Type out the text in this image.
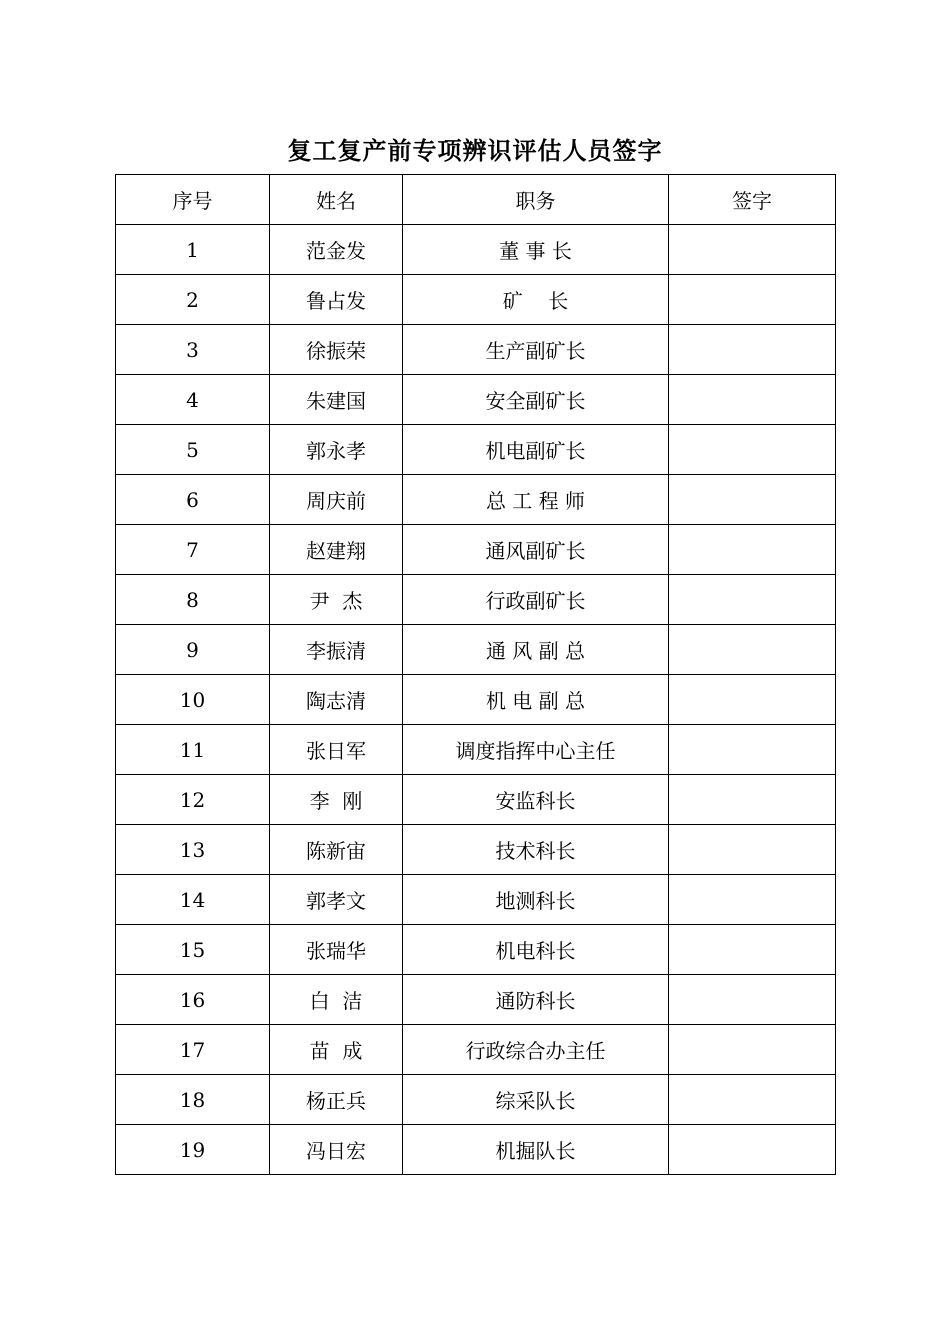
复工复产前专项辨识评估人员签字
序号	姓名	职务	签字
1	范金发	董 事 长	
2	鲁占发	矿    长	
3	徐振荣	生产副矿长	
4	朱建国	安全副矿长	
5	郭永孝	机电副矿长	
6	周庆前	总 工 程 师	
7	赵建翔	通风副矿长	
8	尹  杰	行政副矿长	
9	李振清	通 风 副 总	
10	陶志清	机 电 副 总	
11	张日军	调度指挥中心主任	
12	李  刚	安监科长	
13	陈新宙	技术科长	
14	郭孝文	地测科长	
15	张瑞华	机电科长	
16	白  洁	通防科长	
17	苗  成	行政综合办主任	
18	杨正兵	综采队长	
19	冯日宏	机掘队长	
